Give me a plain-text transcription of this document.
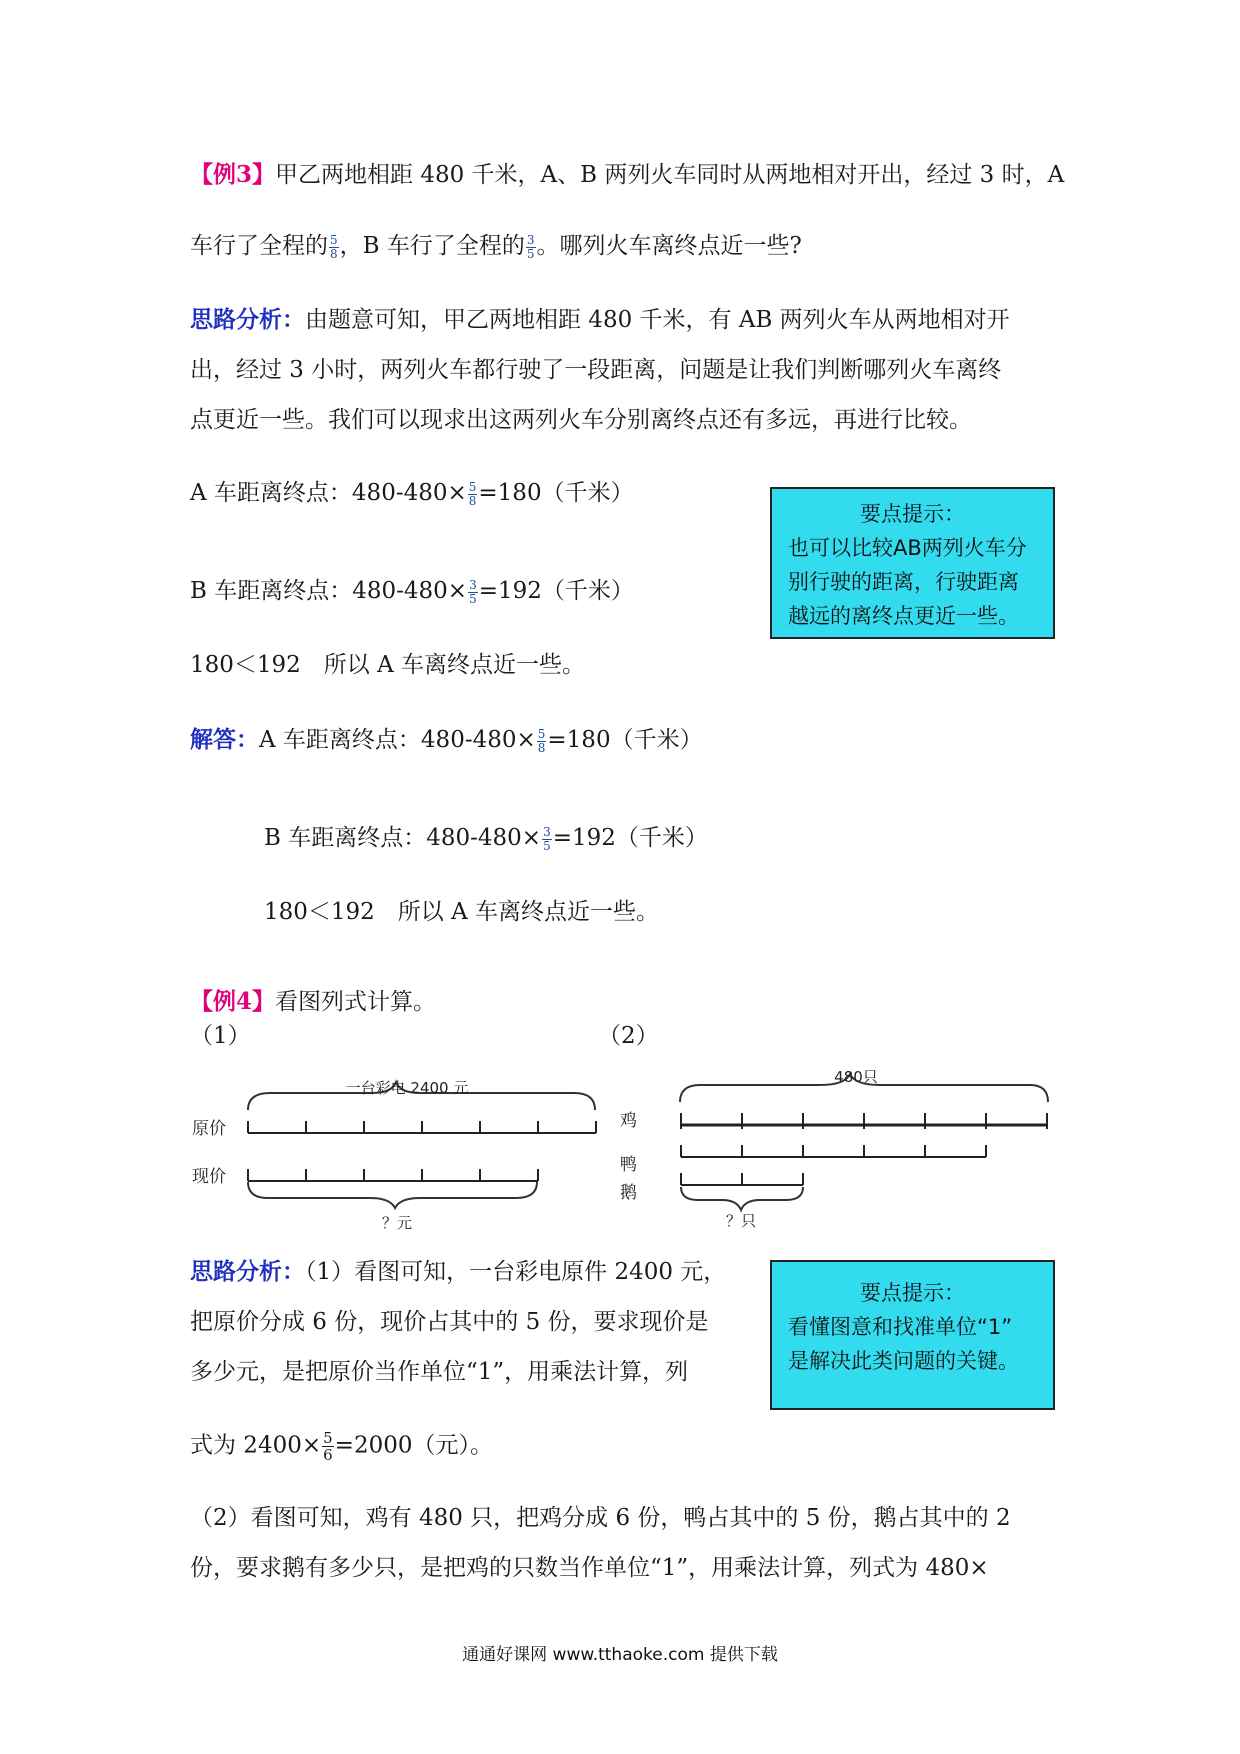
【例3】甲乙两地相距 480 千米，A、B 两列火车同时从两地相对开出，经过 3 时，A
车行了全程的 $\frac{5}{8}$ ，B 车行了全程的 $\frac{3}{5}$ 。哪列火车离终点近一些?
思路分析：由题意可知，甲乙两地相距 480 千米，有 AB 两列火车从两地相对开
出，经过 3 小时，两列火车都行驶了一段距离，问题是让我们判断哪列火车离终
点更近一些。我们可以现求出这两列火车分别离终点还有多远，再进行比较。
A 车距离终点：$480-480\times \frac{5}{8} =180$（千米）
B 车距离终点：$480-480\times \frac{3}{5} =192$（千米）
180＜192　所以 A 车离终点近一些。
要点提示：
也可以比较AB两列火车分
别行驶的距离，行驶距离
越远的离终点更近一些。
解答：A 车距离终点：$480-480\times \frac{5}{8} =180$（千米）
B 车距离终点：$480-480\times \frac{3}{5} =192$（千米）
180＜192　所以 A 车离终点近一些。
【例4】看图列式计算。
（1）	（2）
一台彩电 2400 元
原价
现价
？元
480只
鸡
鸭
鹅
？只
思路分析：（1）看图可知，一台彩电原件 2400 元，
把原价分成 6 份，现价占其中的 5 份，要求现价是
多少元，是把原价当作单位“1”，用乘法计算，列
式为 $2400\times \frac{5}{6} =2000$（元）。
（2）看图可知，鸡有 480 只，把鸡分成 6 份，鸭占其中的 5 份，鹅占其中的 2
份，要求鹅有多少只，是把鸡的只数当作单位“1”，用乘法计算，列式为 480×
要点提示：
看懂图意和找准单位“1”
是解决此类问题的关键。
通通好课网 www.tthaoke.com 提供下载
